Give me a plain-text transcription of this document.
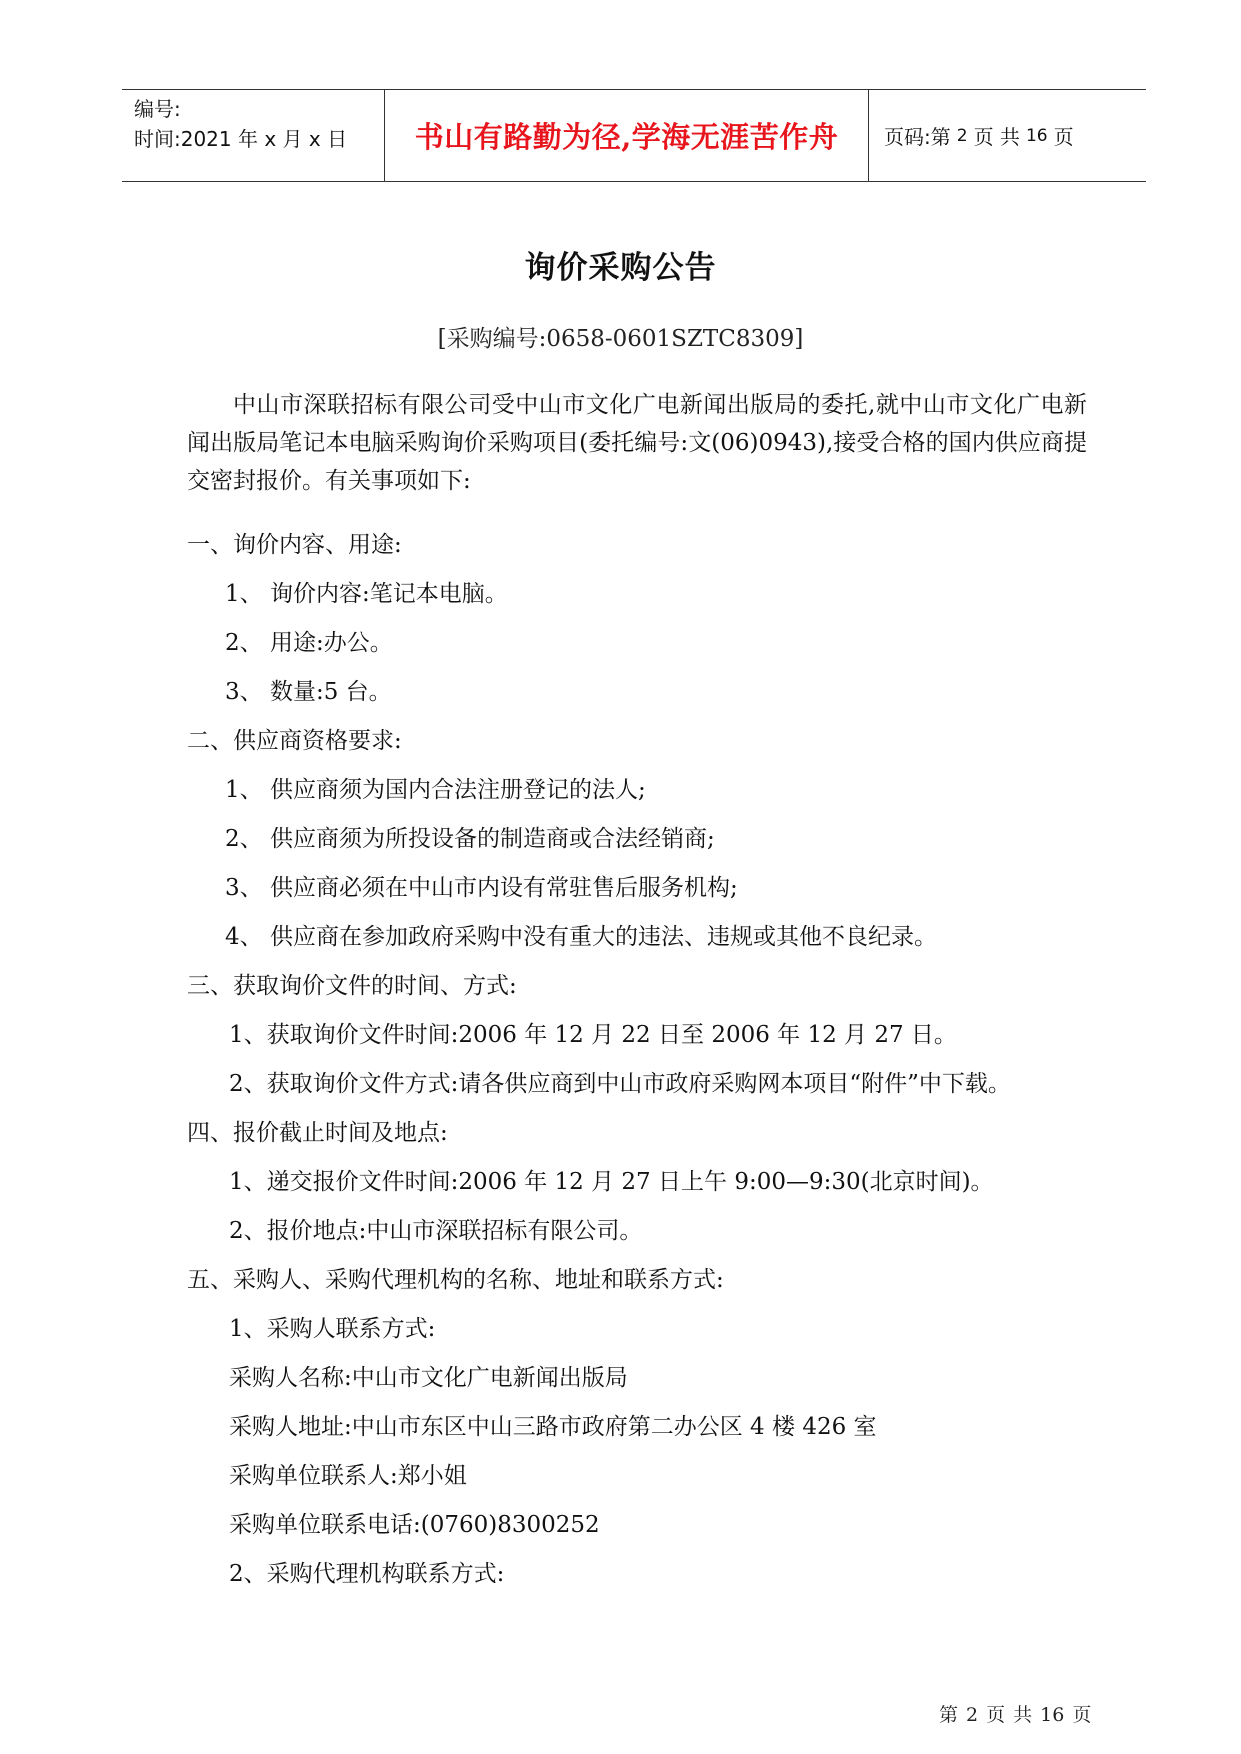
编号:
时间:2021 年 x 月 x 日	书山有路勤为径,学海无涯苦作舟 页码:第 2 页 共 16 页
询价采购公告
[采购编号:0658-0601SZTC8309]
中山市深联招标有限公司受中山市文化广电新闻出版局的委托,就中山市文化广电新闻出版局笔记本电脑采购询价采购项目(委托编号:文(06)0943),接受合格的国内供应商提交密封报价。有关事项如下:
一、询价内容、用途:
1、 询价内容:笔记本电脑。
2、 用途:办公。
3、 数量:5 台。
二、供应商资格要求:
1、 供应商须为国内合法注册登记的法人;
2、 供应商须为所投设备的制造商或合法经销商;
3、 供应商必须在中山市内设有常驻售后服务机构;
4、 供应商在参加政府采购中没有重大的违法、违规或其他不良纪录。
三、获取询价文件的时间、方式:
1、获取询价文件时间:2006 年 12 月 22 日至 2006 年 12 月 27 日。
2、获取询价文件方式:请各供应商到中山市政府采购网本项目“附件”中下载。
四、报价截止时间及地点:
1、递交报价文件时间:2006 年 12 月 27 日上午 9:00—9:30(北京时间)。
2、报价地点:中山市深联招标有限公司。
五、采购人、采购代理机构的名称、地址和联系方式:
1、采购人联系方式:
采购人名称:中山市文化广电新闻出版局
采购人地址:中山市东区中山三路市政府第二办公区 4 楼 426 室
采购单位联系人:郑小姐
采购单位联系电话:(0760)8300252
2、采购代理机构联系方式:
第 2 页 共 16 页
